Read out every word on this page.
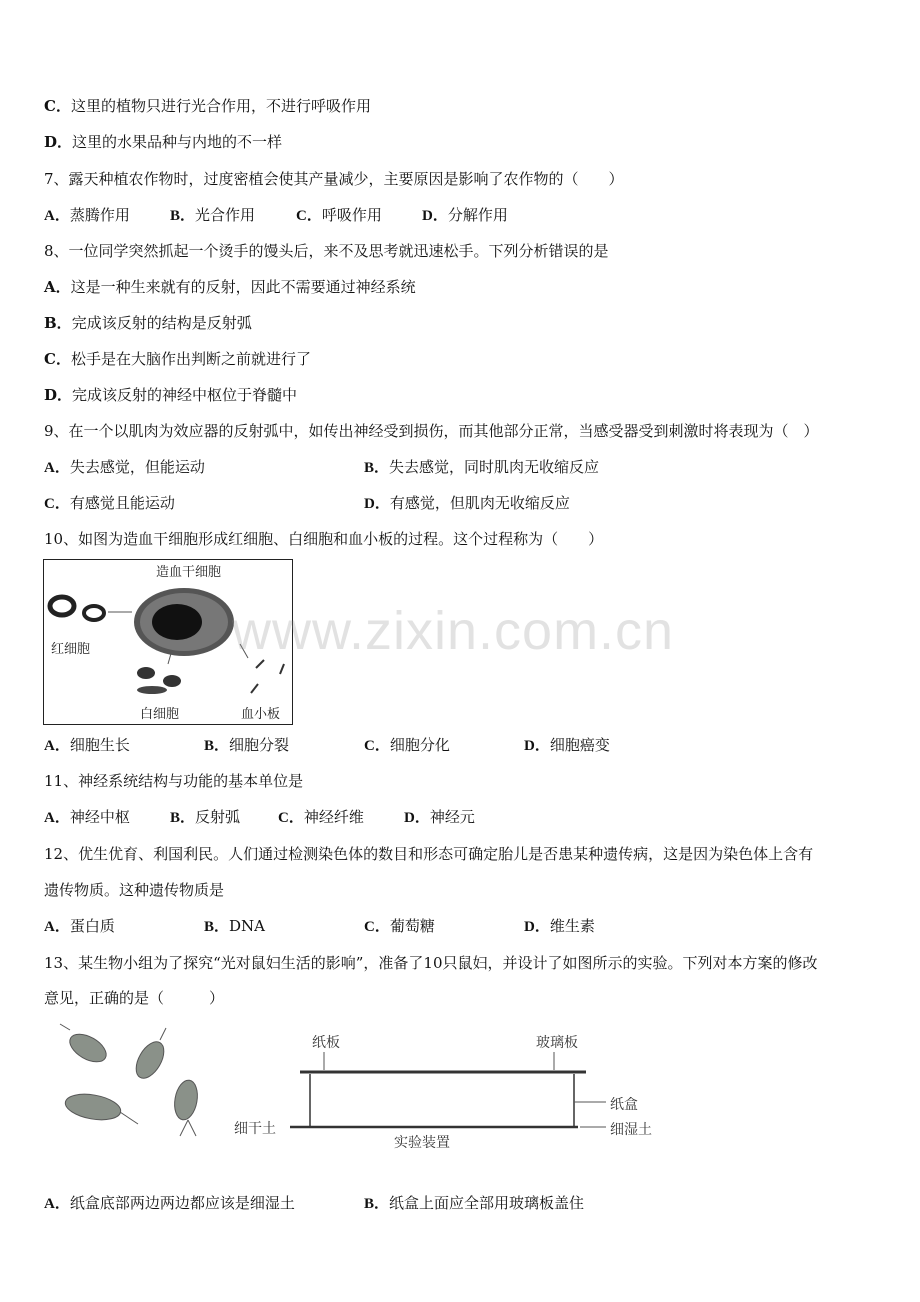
C．这里的植物只进行光合作用，不进行呼吸作用
D．这里的水果品种与内地的不一样
7、露天种植农作物时，过度密植会使其产量减少，主要原因是影响了农作物的（　　）
A．蒸腾作用	B．光合作用	C．呼吸作用	D．分解作用
8、一位同学突然抓起一个烫手的馒头后，来不及思考就迅速松手。下列分析错误的是
A．这是一种生来就有的反射，因此不需要通过神经系统
B．完成该反射的结构是反射弧
C．松手是在大脑作出判断之前就进行了
D．完成该反射的神经中枢位于脊髓中
9、在一个以肌肉为效应器的反射弧中，如传出神经受到损伤，而其他部分正常，当感受器受到刺激时将表现为（　）
A．失去感觉，但能运动	B．失去感觉，同时肌肉无收缩反应
C．有感觉且能运动	D．有感觉，但肌肉无收缩反应
10、如图为造血干细胞形成红细胞、白细胞和血小板的过程。这个过程称为（　　）
造血干细胞
红细胞
白细胞	血小板
A．细胞生长	B．细胞分裂	C．细胞分化	D．细胞癌变
11、神经系统结构与功能的基本单位是
A．神经中枢	B．反射弧	C．神经纤维	D．神经元
12、优生优育、利国利民。人们通过检测染色体的数目和形态可确定胎儿是否患某种遗传病，这是因为染色体上含有
遗传物质。这种遗传物质是
A．蛋白质	B．DNA	C．葡萄糖	D．维生素
13、某生物小组为了探究“光对鼠妇生活的影响”，准备了10只鼠妇，并设计了如图所示的实验。下列对本方案的修改
意见，正确的是（　　　）
纸板	玻璃板
纸盒
细干土	细湿土
实验装置
A．纸盒底部两边两边都应该是细湿土	B．纸盒上面应全部用玻璃板盖住
www.zixin.com.cn
